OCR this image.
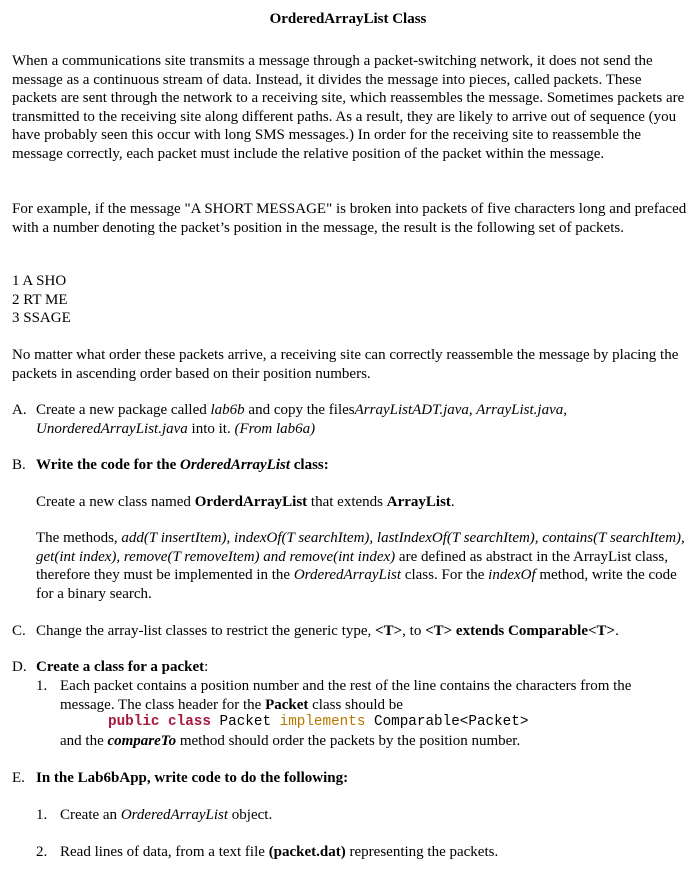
OrderedArrayList Class

When a communications site transmits a message through a packet-switching network, it does not send the message as a continuous stream of data. Instead, it divides the message into pieces, called packets. These packets are sent through the network to a receiving site, which reassembles the message. Sometimes packets are transmitted to the receiving site along different paths. As a result, they are likely to arrive out of sequence (you have probably seen this occur with long SMS messages.) In order for the receiving site to reassemble the message correctly, each packet must include the relative position of the packet within the message.

For example, if the message "A SHORT MESSAGE" is broken into packets of five characters long and prefaced with a number denoting the packet’s position in the message, the result is the following set of packets.

1 A SHO
2 RT ME
3 SSAGE

No matter what order these packets arrive, a receiving site can correctly reassemble the message by placing the packets in ascending order based on their position numbers.

A. Create a new package called lab6b and copy the filesArrayListADT.java, ArrayList.java, UnorderedArrayList.java into it. (From lab6a)

B. Write the code for the OrderedArrayList class:

Create a new class named OrderdArrayList that extends ArrayList.

The methods, add(T insertItem), indexOf(T searchItem), lastIndexOf(T searchItem), contains(T searchItem), get(int index), remove(T removeItem) and remove(int index) are defined as abstract in the ArrayList class, therefore they must be implemented in the OrderedArrayList class. For the indexOf method, write the code for a binary search.

C. Change the array-list classes to restrict the generic type, <T>, to <T> extends Comparable<T>.

D. Create a class for a packet:

1. Each packet contains a position number and the rest of the line contains the characters from the message. The class header for the Packet class should be

public class Packet implements Comparable<Packet>

and the compareTo method should order the packets by the position number.

E. In the Lab6bApp, write code to do the following:

1. Create an OrderedArrayList object.

2. Read lines of data, from a text file (packet.dat) representing the packets.
